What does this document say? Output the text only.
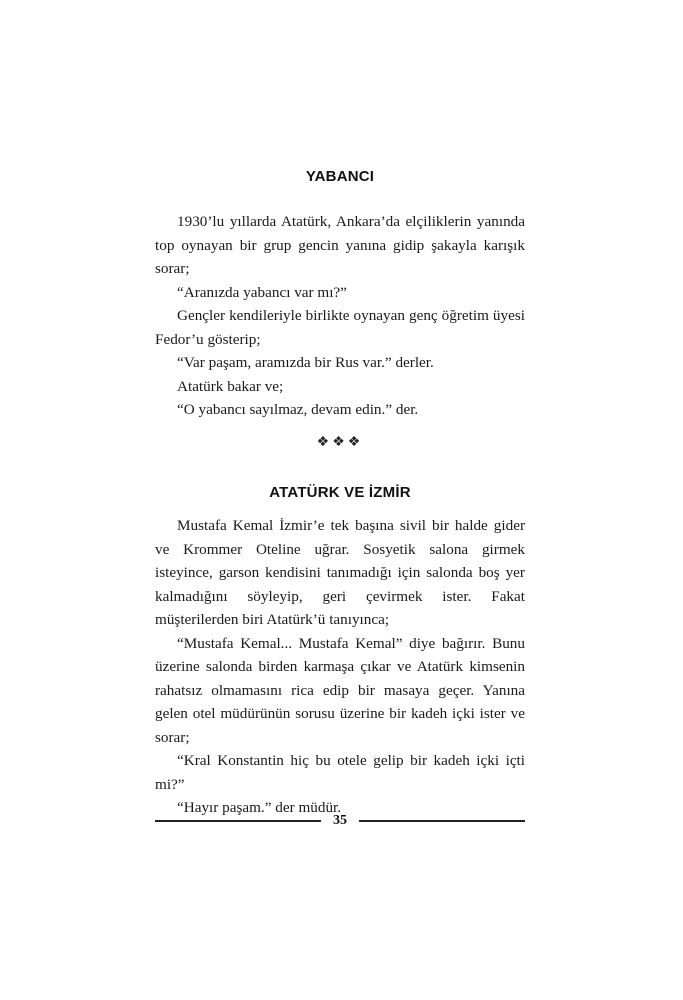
YABANCI

1930’lu yıllarda Atatürk, Ankara’da elçiliklerin yanında top oynayan bir grup gencin yanına gidip şakayla karışık sorar;

“Aranızda yabancı var mı?”

Gençler kendileriyle birlikte oynayan genç öğretim üyesi Fedor’u gösterip;

“Var paşam, aramızda bir Rus var.” derler.

Atatürk bakar ve;

“O yabancı sayılmaz, devam edin.” der.

❖❖❖
ATATÜRK VE İZMİR

Mustafa Kemal İzmir’e tek başına sivil bir halde gider ve Krommer Oteline uğrar. Sosyetik salona girmek isteyince, garson kendisini tanımadığı için salonda boş yer kalmadığını söyleyip, geri çevirmek ister. Fakat müşterilerden biri Atatürk’ü tanıyınca;

“Mustafa Kemal... Mustafa Kemal” diye bağırır. Bunu üzerine salonda birden karmaşa çıkar ve Atatürk kimsenin rahatsız olmamasını rica edip bir masaya geçer. Yanına gelen otel müdürünün sorusu üzerine bir kadeh içki ister ve sorar;

“Kral Konstantin hiç bu otele gelip bir kadeh içki içti mi?”

“Hayır paşam.” der müdür.

35
